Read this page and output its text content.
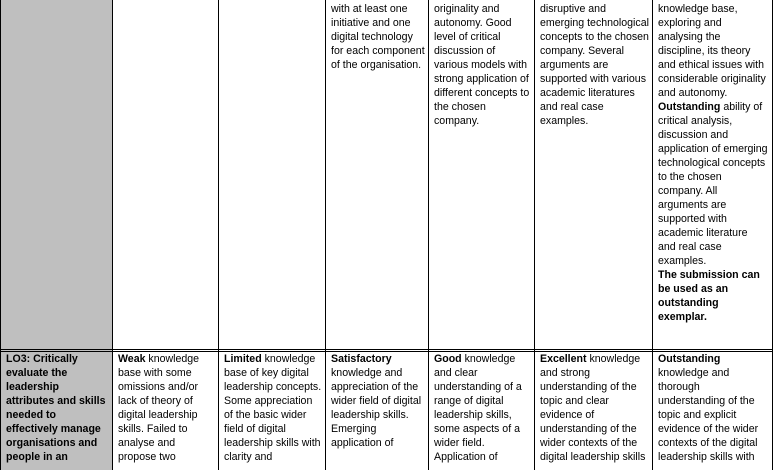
with at least one initiative and one digital technology for each component of the organisation.
originality and autonomy. Good level of critical discussion of various models with strong application of different concepts to the chosen company.
disruptive and emerging technological concepts to the chosen company. Several arguments are supported with various academic literatures and real case examples.

knowledge base, exploring and analysing the discipline, its theory and ethical issues with considerable originality and autonomy.
Outstanding ability of critical analysis, discussion and application of emerging technological concepts to the chosen company. All arguments are supported with academic literature and real case examples.
The submission can be used as an outstanding exemplar.

LO3: Critically evaluate the leadership attributes and skills needed to effectively manage organisations and people in an
Weak knowledge base with some omissions and/or lack of theory of digital leadership skills. Failed to analyse and propose two
Limited knowledge base of key digital leadership concepts. Some appreciation of the basic wider field of digital leadership skills with clarity and
Satisfactory knowledge and appreciation of the wider field of digital leadership skills.
Emerging application of
Good knowledge and clear understanding of a range of digital leadership skills, some aspects of a wider field.
Application of
Excellent knowledge and strong understanding of the topic and clear evidence of understanding of the wider contexts of the digital leadership skills
Outstanding knowledge and thorough understanding of the topic and explicit evidence of the wider contexts of the digital leadership skills with
